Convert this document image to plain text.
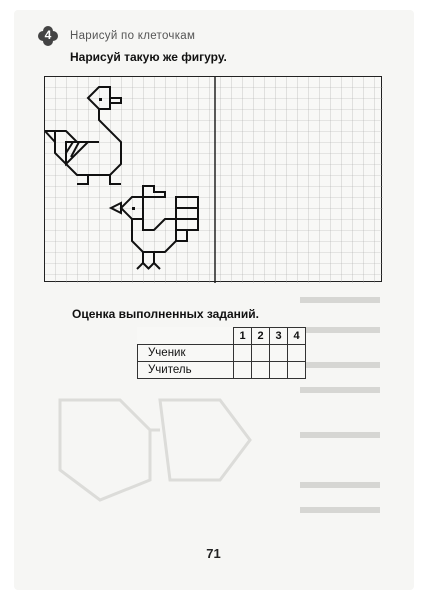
4	Нарисуй по клеточкам
Нарисуй такую же фигуру.
Оценка выполненных заданий.
	1	2	3	4
Ученик				
Учитель				
71
